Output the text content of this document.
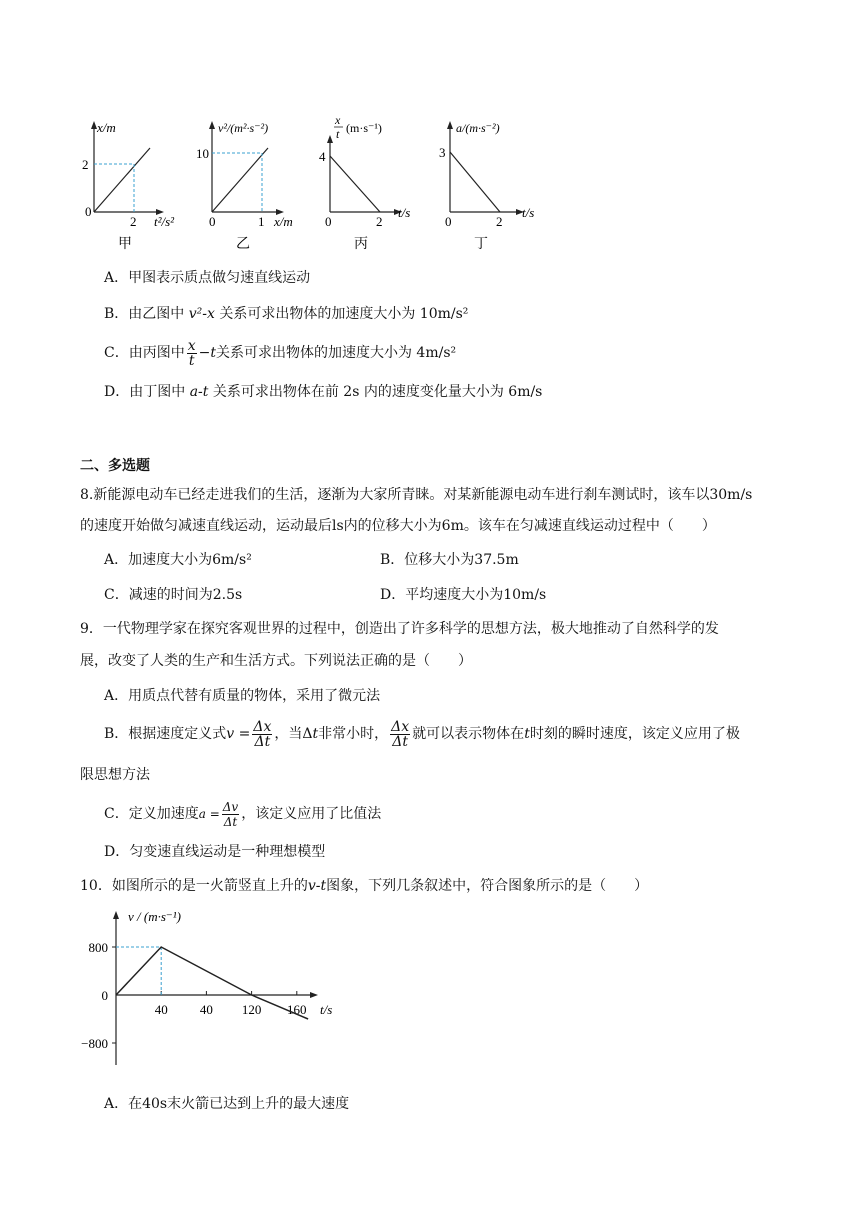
x/m
2
0
2 t²/s²
甲
v²/(m²·s⁻²)
10
0	1 x/m
乙
x
t (m·s⁻¹)
4
0	2
t/s
丙
a/(m·s⁻²)
3
0	2
t/s
丁
A．甲图表示质点做匀速直线运动
B．由乙图中 v²-x 关系可求出物体的加速度大小为 10m/s²
C．由丙图中 $\frac{x}{t} -t$ 关系可求出物体的加速度大小为 4m/s²
D．由丁图中 a-t 关系可求出物体在前 2s 内的速度变化量大小为 6m/s
二、多选题
8.新能源电动车已经走进我们的生活，逐渐为大家所青睐。对某新能源电动车进行刹车测试时，该车以30m/s
的速度开始做匀减速直线运动，运动最后ls内的位移大小为6m。该车在匀减速直线运动过程中（　　）
A．加速度大小为6m/s²	B．位移大小为37.5m
C．减速的时间为2.5s	D．平均速度大小为10m/s
9．一代物理学家在探究客观世界的过程中，创造出了许多科学的思想方法，极大地推动了自然科学的发
展，改变了人类的生产和生活方式。下列说法正确的是（　　）
A．用质点代替有质量的物体，采用了微元法
B．根据速度定义式 $v = \frac{\Delta x}{\Delta t}$ ，当Δ t 非常小时， $\frac{\Delta x}{\Delta t}$ 就可以表示物体在 t 时刻的瞬时速度，该定义应用了极
限思想方法
C．定义加速度 $a = \frac{\Delta v}{\Delta t}$ ，该定义应用了比值法
D．匀变速直线运动是一种理想模型
10．如图所示的是一火箭竖直上升的v-t图象，下列几条叙述中，符合图象所示的是（　　）
800
0
−800
40 40 120 160
v / (m·s⁻¹)
t/s
A．在40s末火箭已达到上升的最大速度
